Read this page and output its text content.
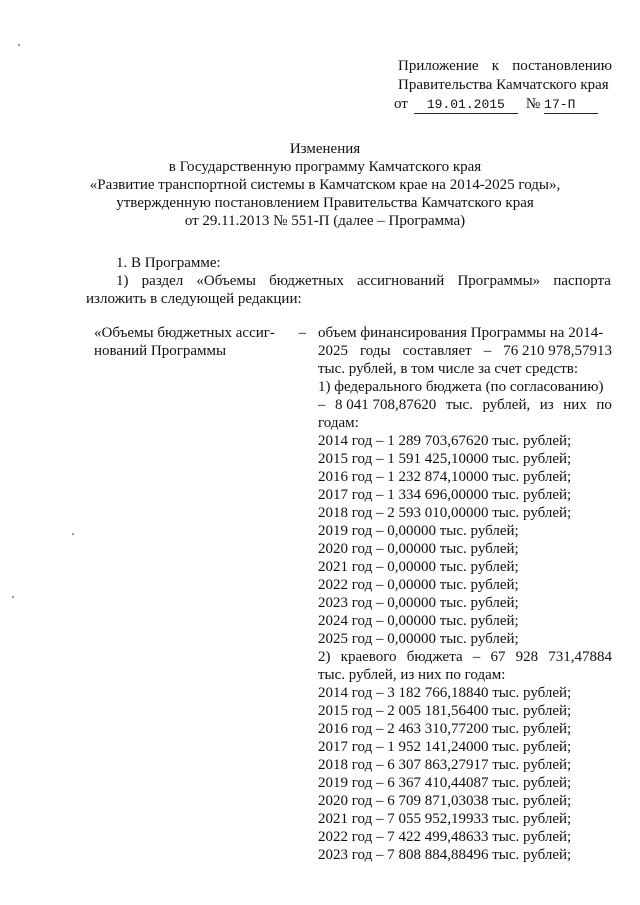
Приложение к постановлению
Правительства Камчатского края
от	19.01.2015	№ 17-П
Изменения
в Государственную программу Камчатского края
«Развитие транспортной системы в Камчатском крае на 2014-2025 годы»,
утвержденную постановлением Правительства Камчатского края
от 29.11.2013 № 551-П (далее – Программа)
1. В Программе:
1) раздел «Объемы бюджетных ассигнований Программы» паспорта
изложить в следующей редакции:
«Объемы бюджетных ассиг- –
нований Программы
объем финансирования Программы на 2014-
2025 годы составляет – 76 210 978,57913
тыс. рублей, в том числе за счет средств:
1) федерального бюджета (по согласованию)
– 8 041 708,87620 тыс. рублей, из них по
годам:
2014 год – 1 289 703,67620 тыс. рублей;
2015 год – 1 591 425,10000 тыс. рублей;
2016 год – 1 232 874,10000 тыс. рублей;
2017 год – 1 334 696,00000 тыс. рублей;
2018 год – 2 593 010,00000 тыс. рублей;
2019 год – 0,00000 тыс. рублей;
2020 год – 0,00000 тыс. рублей;
2021 год – 0,00000 тыс. рублей;
2022 год – 0,00000 тыс. рублей;
2023 год – 0,00000 тыс. рублей;
2024 год – 0,00000 тыс. рублей;
2025 год – 0,00000 тыс. рублей;
2) краевого бюджета – 67 928 731,47884
тыс. рублей, из них по годам:
2014 год – 3 182 766,18840 тыс. рублей;
2015 год – 2 005 181,56400 тыс. рублей;
2016 год – 2 463 310,77200 тыс. рублей;
2017 год – 1 952 141,24000 тыс. рублей;
2018 год – 6 307 863,27917 тыс. рублей;
2019 год – 6 367 410,44087 тыс. рублей;
2020 год – 6 709 871,03038 тыс. рублей;
2021 год – 7 055 952,19933 тыс. рублей;
2022 год – 7 422 499,48633 тыс. рублей;
2023 год – 7 808 884,88496 тыс. рублей;
